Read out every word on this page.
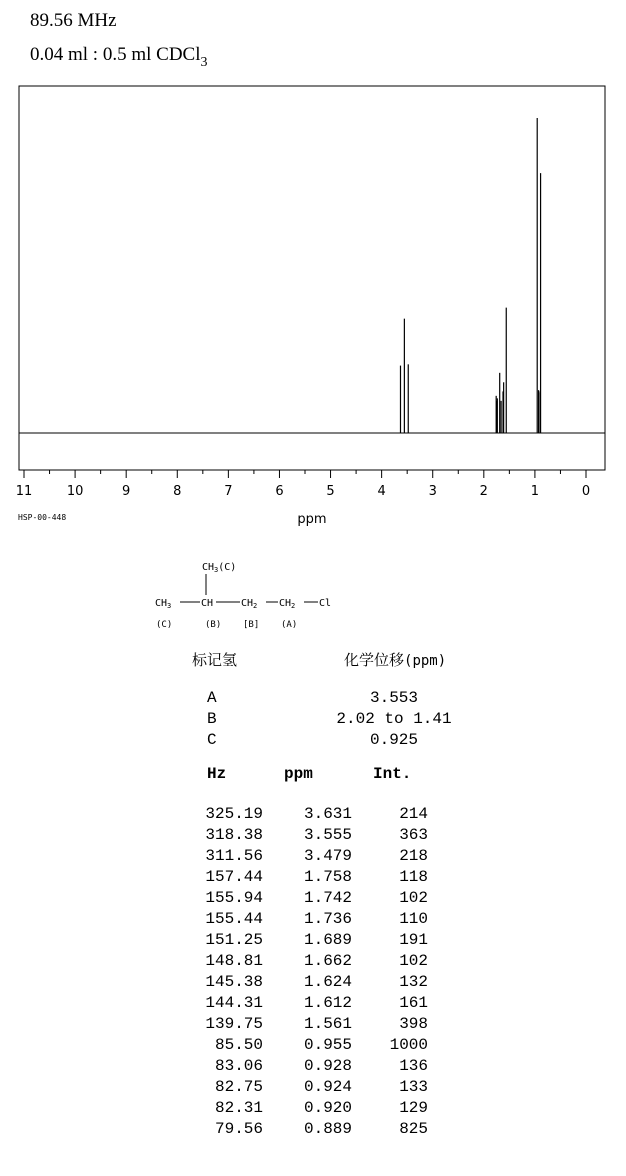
89.56 MHz
0.04 ml : 0.5 ml CDCl$_3$
11	10	9	8	7	6	5	4	3	2	1	0
ppm
HSP-00-448
$CH_3(C)$
$CH_3$	CH	$CH_2$ $CH_2$ Cl
(C)	(B) [B] (A)
标记氢	化学位移(ppm)
A	3.553
B	2.02 to 1.41
C	0.925
Hz	ppm	Int.
325.19	3.631	214
318.38	3.555	363
311.56	3.479	218
157.44	1.758	118
155.94	1.742	102
155.44	1.736	110
151.25	1.689	191
148.81	1.662	102
145.38	1.624	132
144.31	1.612	161
139.75	1.561	398
85.50	0.955	1000
83.06	0.928	136
82.75	0.924	133
82.31	0.920	129
79.56	0.889	825
